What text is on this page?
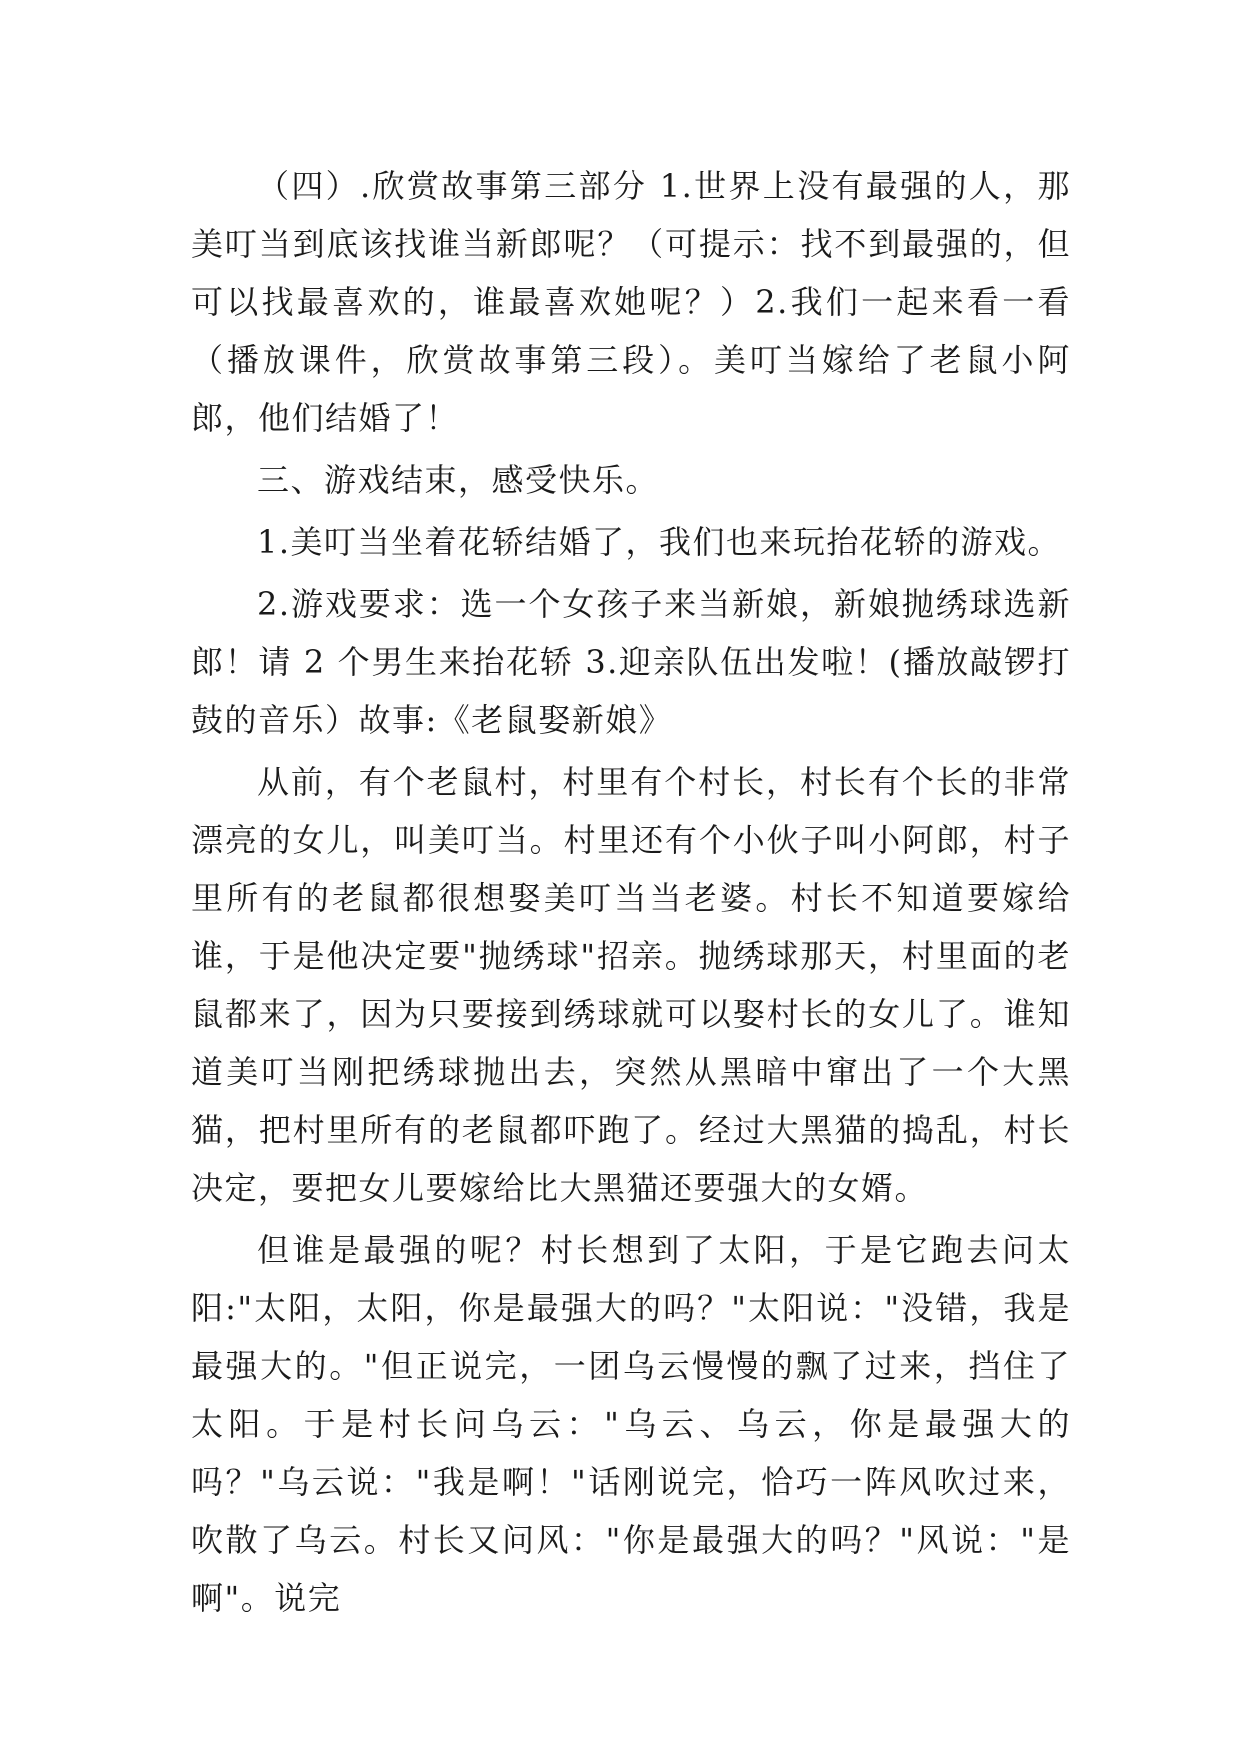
（四）.欣赏故事第三部分 1.世界上没有最强的人，那美叮当到底该找谁当新郎呢？（可提示：找不到最强的，但可以找最喜欢的，谁最喜欢她呢？）2.我们一起来看一看（播放课件，欣赏故事第三段）。美叮当嫁给了老鼠小阿郎，他们结婚了！

三、游戏结束，感受快乐。

1.美叮当坐着花轿结婚了，我们也来玩抬花轿的游戏。

2.游戏要求：选一个女孩子来当新娘，新娘抛绣球选新郎！请 2 个男生来抬花轿 3.迎亲队伍出发啦！(播放敲锣打鼓的音乐）故事:《老鼠娶新娘》

从前，有个老鼠村，村里有个村长，村长有个长的非常漂亮的女儿，叫美叮当。村里还有个小伙子叫小阿郎，村子里所有的老鼠都很想娶美叮当当老婆。村长不知道要嫁给谁，于是他决定要"抛绣球"招亲。抛绣球那天，村里面的老鼠都来了，因为只要接到绣球就可以娶村长的女儿了。谁知道美叮当刚把绣球抛出去，突然从黑暗中窜出了一个大黑猫，把村里所有的老鼠都吓跑了。经过大黑猫的捣乱，村长决定，要把女儿要嫁给比大黑猫还要强大的女婿。

但谁是最强的呢？村长想到了太阳，于是它跑去问太阳:"太阳，太阳，你是最强大的吗？"太阳说："没错，我是最强大的。"但正说完，一团乌云慢慢的飘了过来，挡住了太阳。于是村长问乌云："乌云、乌云，你是最强大的吗？"乌云说："我是啊！"话刚说完，恰巧一阵风吹过来，吹散了乌云。村长又问风："你是最强大的吗？"风说："是啊"。说完
